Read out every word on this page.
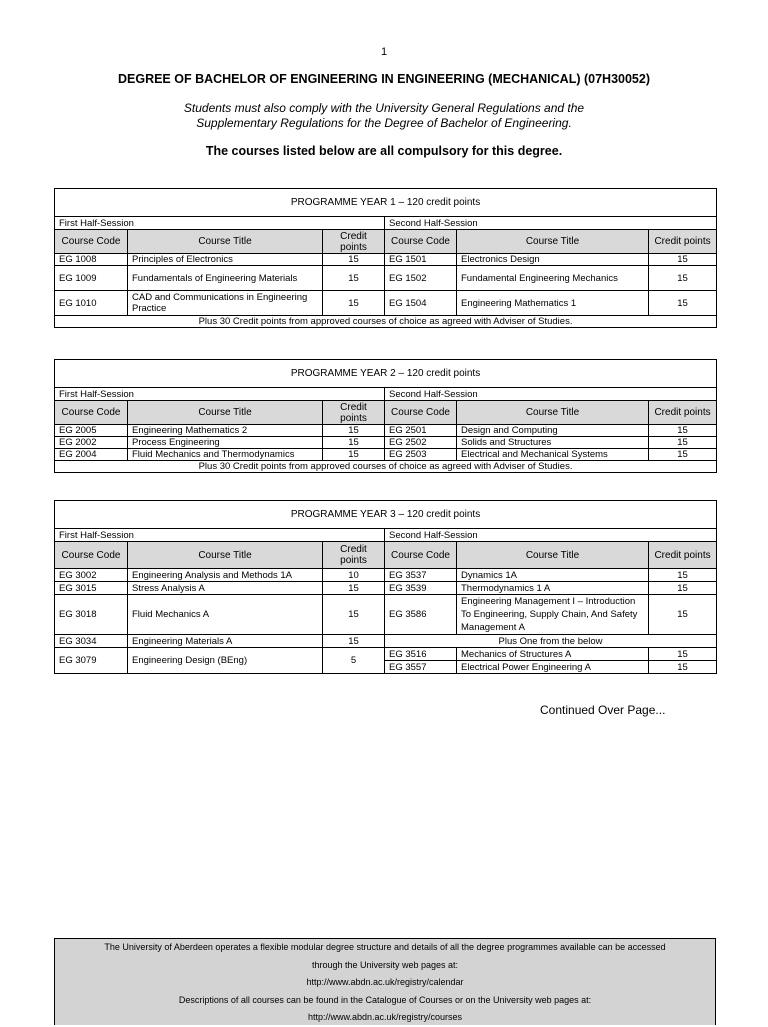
1
DEGREE OF BACHELOR OF ENGINEERING IN ENGINEERING (MECHANICAL) (07H30052)
Students must also comply with the University General Regulations and the Supplementary Regulations for the Degree of Bachelor of Engineering.
The courses listed below are all compulsory for this degree.
PROGRAMME YEAR 1 – 120 credit points					
First Half-Session			Second Half-Session		
Course Code	Course Title	Credit points	Course Code	Course Title	Credit points
EG 1008	Principles of Electronics	15	EG 1501	Electronics Design	15
EG 1009	Fundamentals of Engineering Materials	15	EG 1502	Fundamental Engineering Mechanics	15
EG 1010	CAD and Communications in Engineering Practice	15	EG 1504	Engineering Mathematics 1	15
Plus 30 Credit points from approved courses of choice as agreed with Adviser of Studies.					
PROGRAMME YEAR 2 – 120 credit points					
First Half-Session			Second Half-Session		
Course Code	Course Title	Credit points	Course Code	Course Title	Credit points
EG 2005	Engineering Mathematics 2	15	EG 2501	Design and Computing	15
EG 2002	Process Engineering	15	EG 2502	Solids and Structures	15
EG 2004	Fluid Mechanics and Thermodynamics	15	EG 2503	Electrical and Mechanical Systems	15
Plus 30 Credit points from approved courses of choice as agreed with Adviser of Studies.					
PROGRAMME YEAR 3 – 120 credit points					
First Half-Session			Second Half-Session		
Course Code	Course Title	Credit points	Course Code	Course Title	Credit points
EG 3002	Engineering Analysis and Methods 1A	10	EG 3537	Dynamics 1A	15
EG 3015	Stress Analysis A	15	EG 3539	Thermodynamics 1 A	15
EG 3018	Fluid Mechanics A	15	EG 3586	Engineering Management I – Introduction To Engineering, Supply Chain, And Safety Management A	15
EG 3034	Engineering Materials A	15	Plus One from the below		
EG 3079	Engineering Design (BEng)	5	EG 3516	Mechanics of Structures A	15
			EG 3557	Electrical Power Engineering A	15
Continued Over Page...
The University of Aberdeen operates a flexible modular degree structure and details of all the degree programmes available can be accessed
through the University web pages at:
http://www.abdn.ac.uk/registry/calendar
Descriptions of all courses can be found in the Catalogue of Courses or on the University web pages at:
http://www.abdn.ac.uk/registry/courses
